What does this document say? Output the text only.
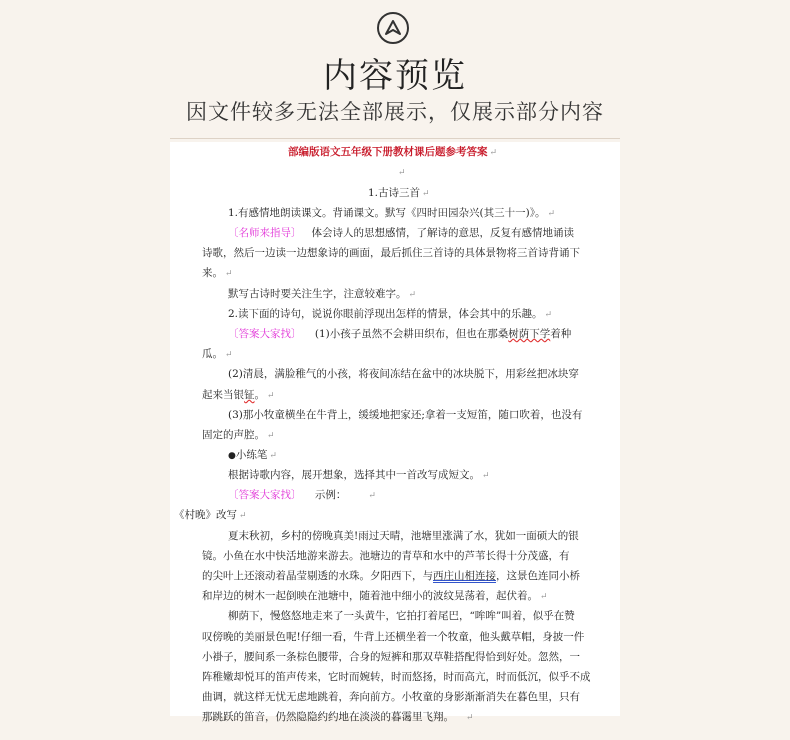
内容预览
因文件较多无法全部展示，仅展示部分内容
部编版语文五年级下册教材课后题参考答案 ↵
↵
1.古诗三首 ↵
1.有感情地朗读课文。背诵课文。默写《四时田园杂兴(其三十一)》。 ↵
〔名师来指导〕 体会诗人的思想感情，了解诗的意思，反复有感情地诵读
诗歌，然后一边读一边想象诗的画面，最后抓住三首诗的具体景物将三首诗背诵下
来。 ↵
默写古诗时要关注生字，注意较难字。 ↵
2.读下面的诗句，说说你眼前浮现出怎样的情景，体会其中的乐趣。 ↵
〔答案大家找〕 (1)小孩子虽然不会耕田织布，但也在那桑树荫下学着种
瓜。 ↵
(2)清晨，满脸稚气的小孩，将夜间冻结在盆中的冰块脱下，用彩丝把冰块穿
起来当银钲。 ↵
(3)那小牧童横坐在牛背上，缓缓地把家还;拿着一支短笛，随口吹着，也没有
固定的声腔。 ↵
●小练笔 ↵
根据诗歌内容，展开想象，选择其中一首改写成短文。 ↵
〔答案大家找〕 示例： ↵
《村晚》改写 ↵
夏末秋初，乡村的傍晚真美!雨过天晴，池塘里涨满了水，犹如一面硕大的银
镜。小鱼在水中快活地游来游去。池塘边的青草和水中的芦苇长得十分茂盛，有
的尖叶上还滚动着晶莹剔透的水珠。夕阳西下，与西庄山相连接，这景色连同小桥
和岸边的树木一起倒映在池塘中，随着池中细小的波纹晃荡着，起伏着。 ↵
柳荫下，慢悠悠地走来了一头黄牛，它拍打着尾巴，“哞哞”叫着，似乎在赞
叹傍晚的美丽景色呢!仔细一看，牛背上还横坐着一个牧童，他头戴草帽，身披一件
小褂子，腰间系一条棕色腰带，合身的短裤和那双草鞋搭配得恰到好处。忽然，一
阵稚嫩却悦耳的笛声传来，它时而婉转，时而悠扬，时而高亢，时而低沉，似乎不成
曲调，就这样无忧无虑地跳着，奔向前方。小牧童的身影渐渐消失在暮色里，只有
那跳跃的笛音，仍然隐隐约约地在淡淡的暮霭里飞翔。 ↵
